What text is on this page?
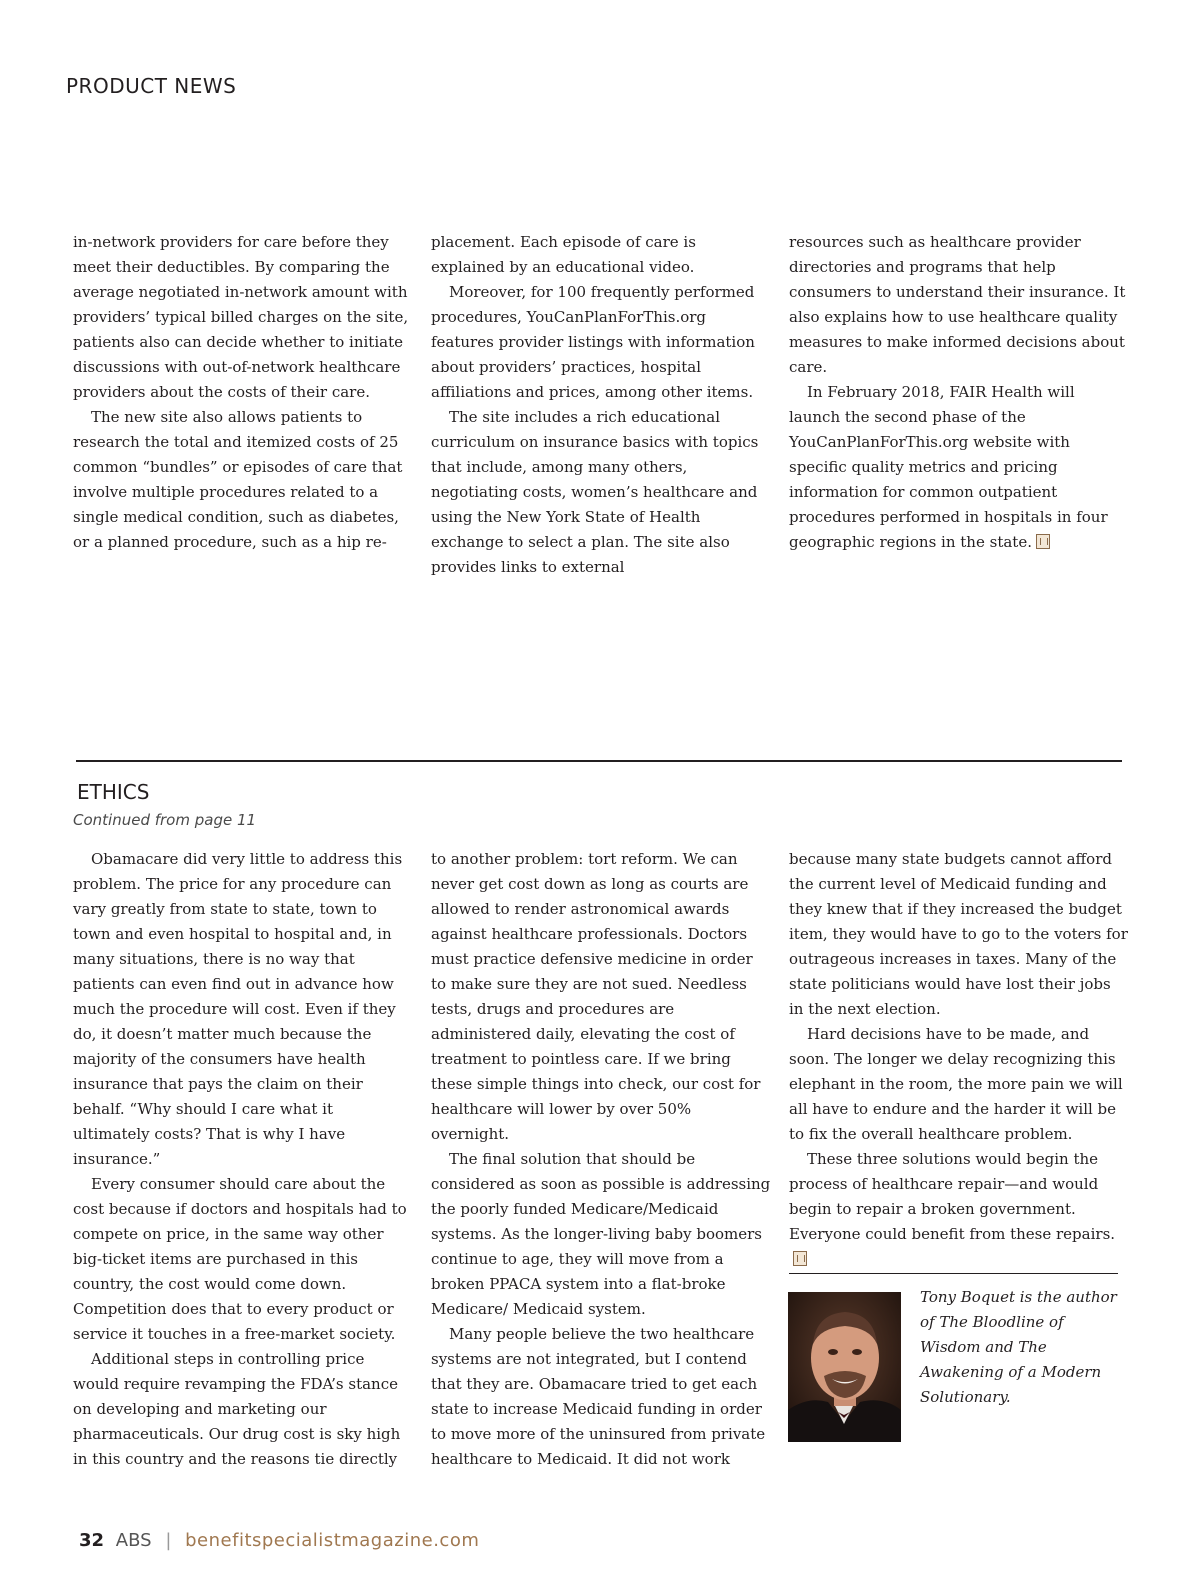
PRODUCT NEWS

in-network providers for care before they meet their deductibles. By comparing the average negotiated in-network amount with providers’ typical billed charges on the site, patients also can decide whether to initiate discussions with out-of-network healthcare providers about the costs of their care.

The new site also allows patients to research the total and itemized costs of 25 common “bundles” or episodes of care that involve multiple procedures related to a single medical condition, such as diabetes, or a planned procedure, such as a hip re-

placement. Each episode of care is explained by an educational video.

Moreover, for 100 frequently performed procedures, YouCanPlanForThis.org features provider listings with information about providers’ practices, hospital affiliations and prices, among other items.

The site includes a rich educational curriculum on insurance basics with topics that include, among many others, negotiating costs, women’s healthcare and using the New York State of Health exchange to select a plan. The site also provides links to external

resources such as healthcare provider directories and programs that help consumers to understand their insurance. It also explains how to use healthcare quality measures to make informed decisions about care.

In February 2018, FAIR Health will launch the second phase of the YouCanPlanForThis.org website with specific quality metrics and pricing information for common outpatient procedures performed in hospitals in four geographic regions in the state.

ETHICS
Continued from page 11

Obamacare did very little to address this problem. The price for any procedure can vary greatly from state to state, town to town and even hospital to hospital and, in many situations, there is no way that patients can even find out in advance how much the procedure will cost. Even if they do, it doesn’t matter much because the majority of the consumers have health insurance that pays the claim on their behalf. “Why should I care what it ultimately costs? That is why I have insurance.”

Every consumer should care about the cost because if doctors and hospitals had to compete on price, in the same way other big-ticket items are purchased in this country, the cost would come down. Competition does that to every product or service it touches in a free-market society.

Additional steps in controlling price would require revamping the FDA’s stance on developing and marketing our pharmaceuticals. Our drug cost is sky high in this country and the reasons tie directly

to another problem: tort reform. We can never get cost down as long as courts are allowed to render astronomical awards against healthcare professionals. Doctors must practice defensive medicine in order to make sure they are not sued. Needless tests, drugs and procedures are administered daily, elevating the cost of treatment to pointless care. If we bring these simple things into check, our cost for healthcare will lower by over 50% overnight.

The final solution that should be considered as soon as possible is addressing the poorly funded Medicare/Medicaid systems. As the longer-living baby boomers continue to age, they will move from a broken PPACA system into a flat-broke Medicare/ Medicaid system.

Many people believe the two healthcare systems are not integrated, but I contend that they are. Obamacare tried to get each state to increase Medicaid funding in order to move more of the uninsured from private healthcare to Medicaid. It did not work

because many state budgets cannot afford the current level of Medicaid funding and they knew that if they increased the budget item, they would have to go to the voters for outrageous increases in taxes. Many of the state politicians would have lost their jobs in the next election.

Hard decisions have to be made, and soon. The longer we delay recognizing this elephant in the room, the more pain we will all have to endure and the harder it will be to fix the overall healthcare problem.

These three solutions would begin the process of healthcare repair—and would begin to repair a broken government. Everyone could benefit from these repairs.

Tony Boquet is the author of The Bloodline of Wisdom and The Awakening of a Modern Solutionary.

32 ABS | benefitspecialistmagazine.com
